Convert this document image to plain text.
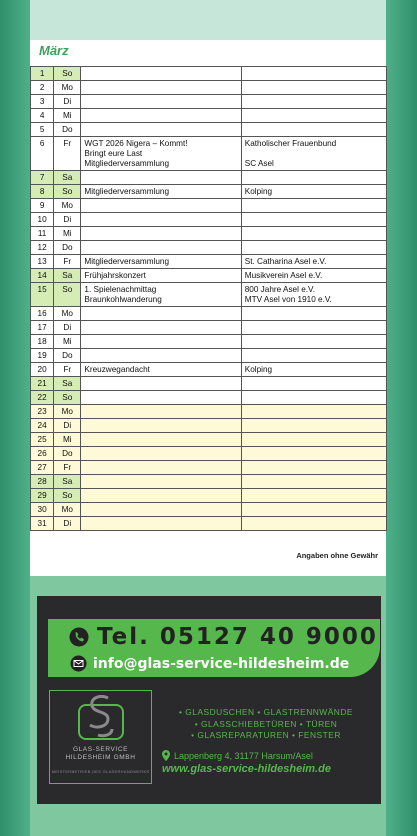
März
1	So		
2	Mo		
3	Di		
4	Mi		
5	Do		
6	Fr	WGT 2026 Nigera – Kommt!
Bringt eure Last
Mitgliederversammlung	Katholischer Frauenbund

SC Asel
7	Sa		
8	So	Mitgliederversammlung	Kolping
9	Mo		
10	Di		
11	Mi		
12	Do		
13	Fr	Mitgliederversammlung	St. Catharina Asel e.V.
14	Sa	Frühjahrskonzert	Musikverein Asel e.V.
15	So	1. Spielenachmittag
Braunkohlwanderung	800 Jahre Asel e.V.
MTV Asel von 1910 e.V.
16	Mo		
17	Di		
18	Mi		
19	Do		
20	Fr	Kreuzwegandacht	Kolping
21	Sa		
22	So		
23	Mo		
24	Di		
25	Mi		
26	Do		
27	Fr		
28	Sa		
29	So		
30	Mo		
31	Di		
Angaben ohne Gewähr
Tel. 05127 40 9000
info@glas-service-hildesheim.de
GLAS-SERVICE
HILDESHEIM GMBH
MEISTERBETRIEB DES GLASERHANDWERKS
• GLASDUSCHEN • GLASTRENNWÄNDE
• GLASSCHIEBETÜREN • TÜREN
• GLASREPARATUREN • FENSTER
Lappenberg 4, 31177 Harsum/Asel
www.glas-service-hildesheim.de
